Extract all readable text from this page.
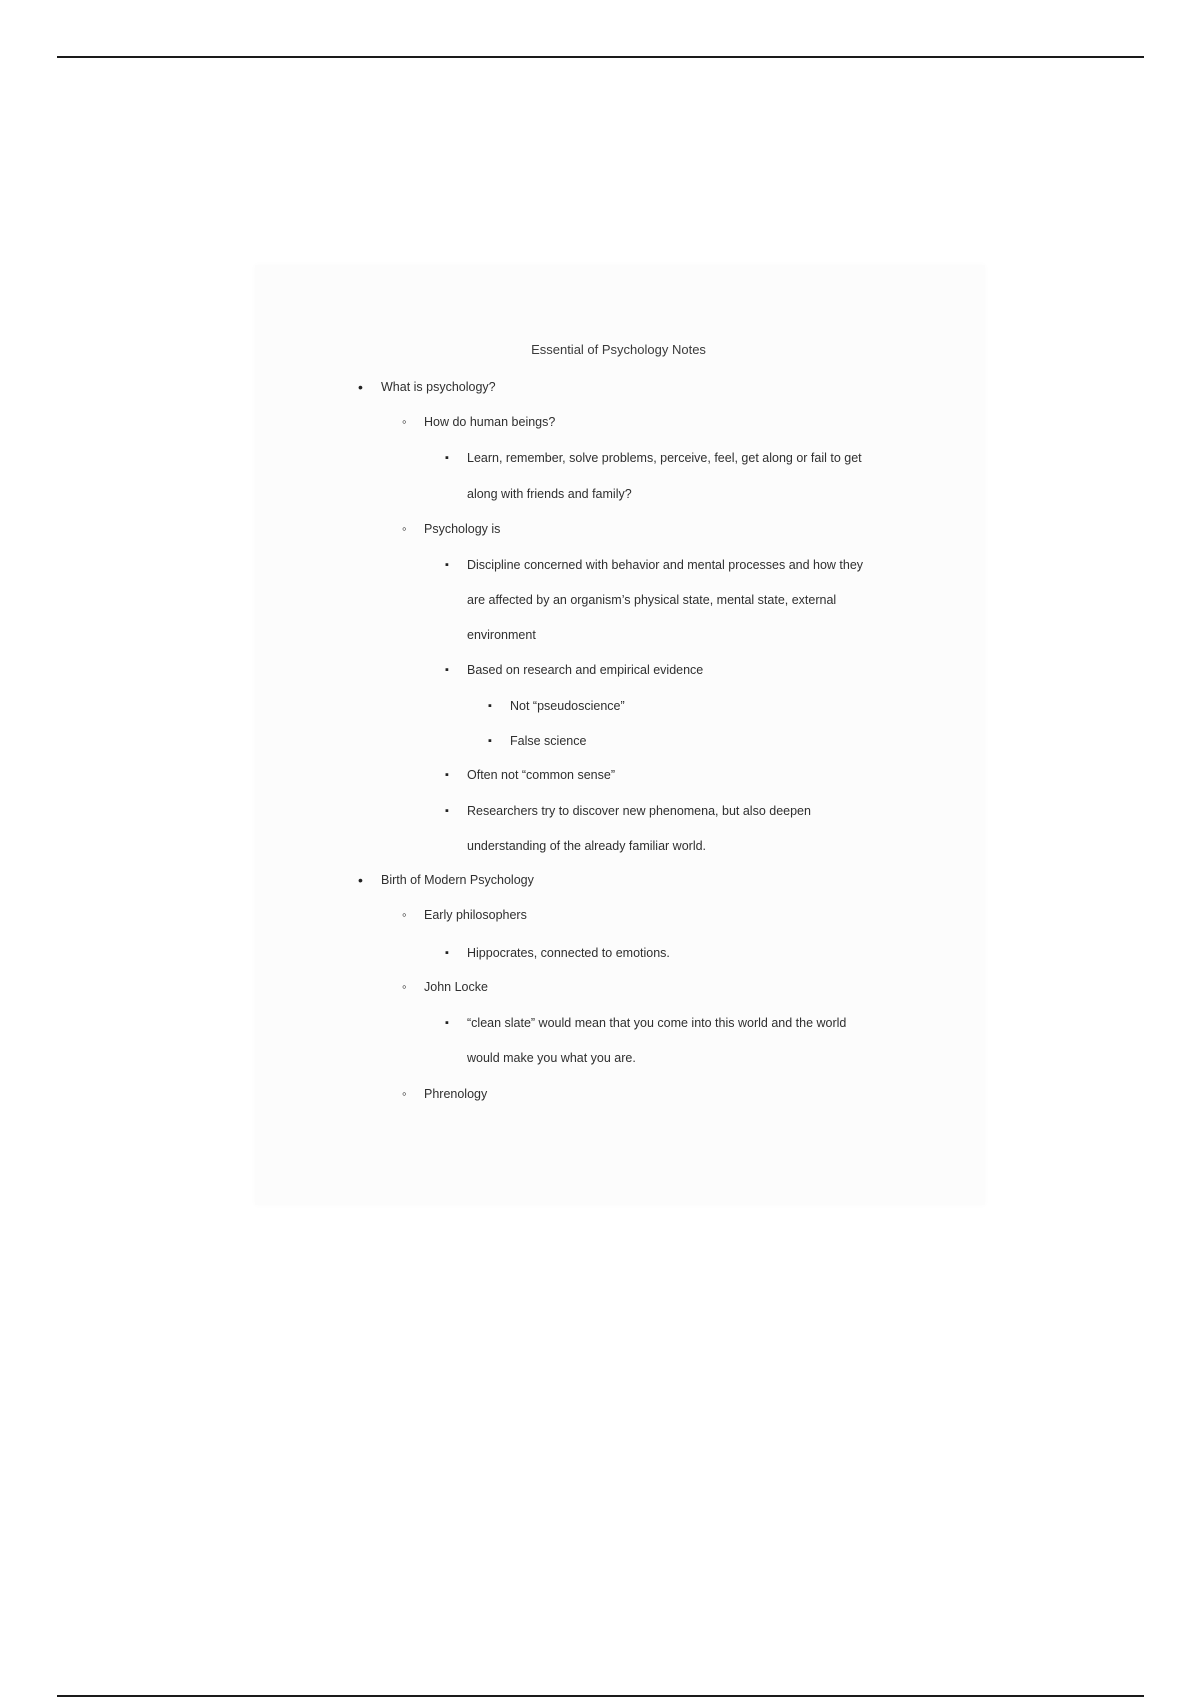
Essential of Psychology Notes
•
What is psychology?
◦
How do human beings?
▪
Learn, remember, solve problems, perceive, feel, get along or fail to get
along with friends and family?
◦
Psychology is
▪
Discipline concerned with behavior and mental processes and how they
are affected by an organism’s physical state, mental state, external
environment
▪
Based on research and empirical evidence
▪
Not “pseudoscience”
▪
False science
▪
Often not “common sense”
▪
Researchers try to discover new phenomena, but also deepen
understanding of the already familiar world.
•
Birth of Modern Psychology
◦
Early philosophers
▪
Hippocrates, connected to emotions.
◦
John Locke
▪
“clean slate” would mean that you come into this world and the world
would make you what you are.
◦
Phrenology
